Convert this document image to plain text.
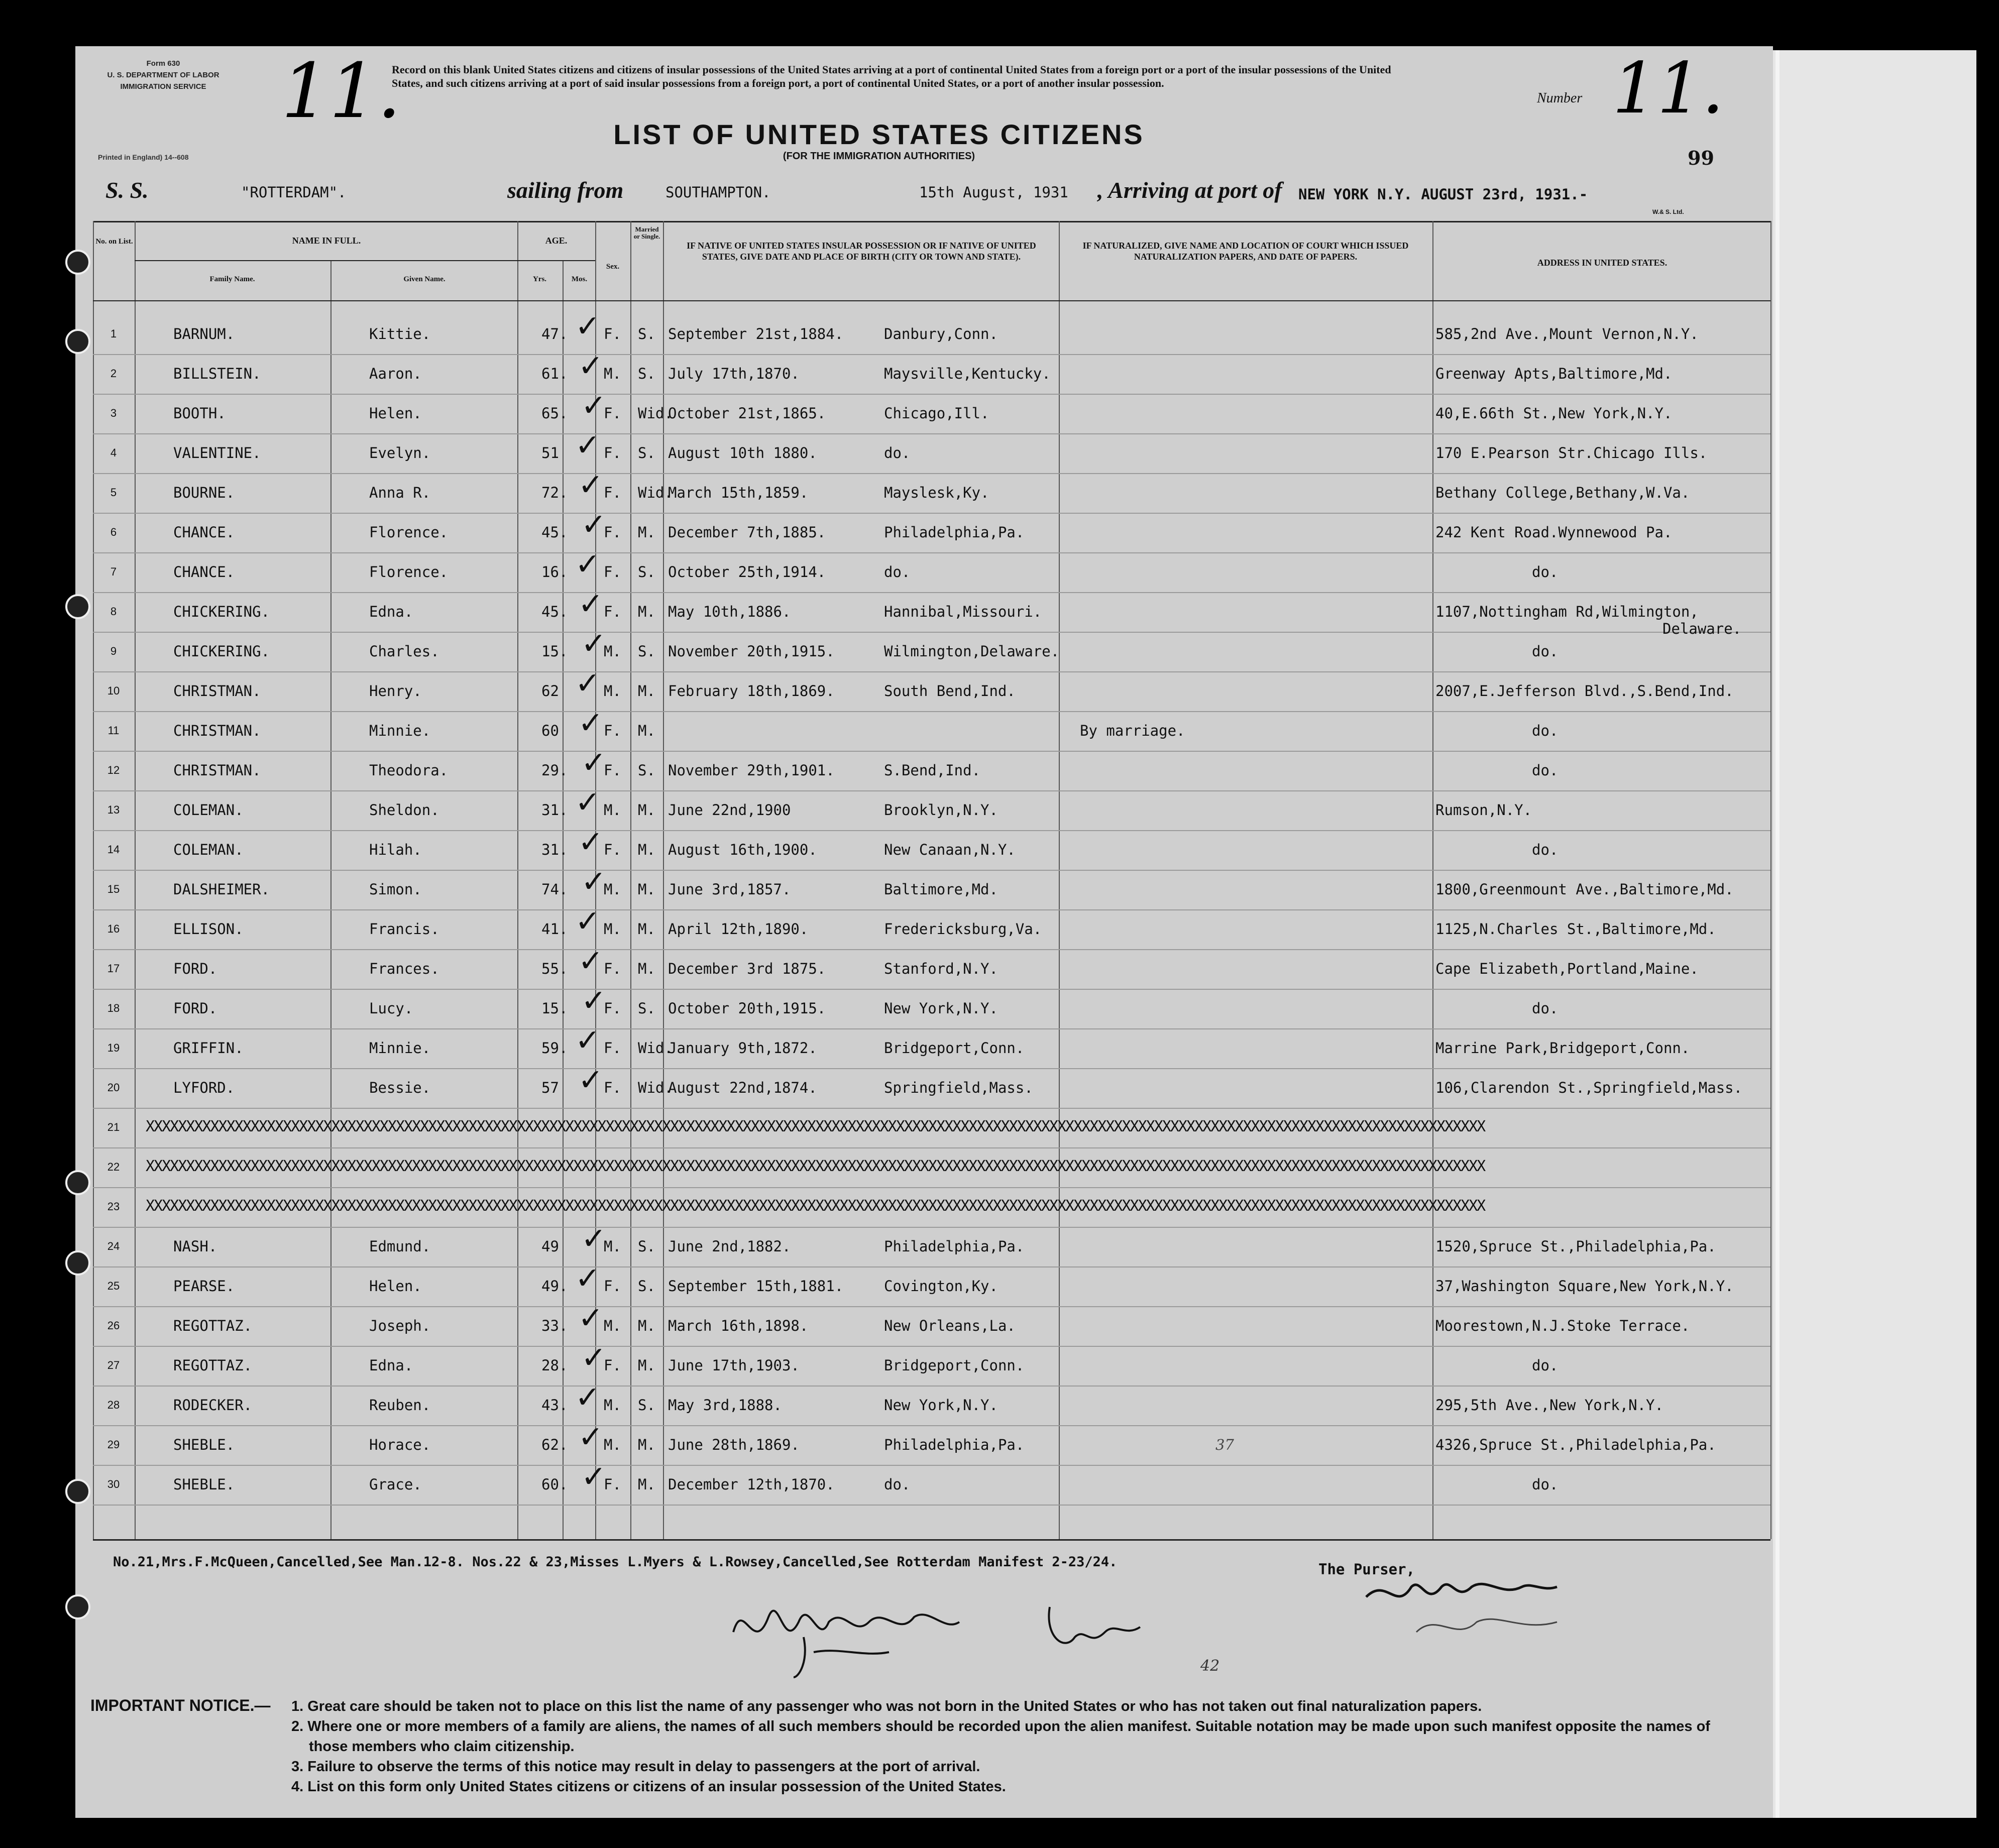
Form 630
U. S. DEPARTMENT OF LABOR
IMMIGRATION SERVICE
Printed in England) 14--608
11.
Record on this blank United States citizens and citizens of insular possessions of the United States arriving at a port of continental United States from a foreign port or a port of the insular possessions of the United States, and such citizens arriving at a port of said insular possessions from a foreign port, a port of continental United States, or a port of another insular possession.
LIST OF UNITED STATES CITIZENS
(FOR THE IMMIGRATION AUTHORITIES)
Number 11.
99
S. S.	"ROTTERDAM".	sailing from	SOUTHAMPTON.	15th August, 1931 , Arriving at port of NEW YORK N.Y. AUGUST 23rd, 1931.-
W.& S. Ltd.
No. on List.	NAME IN FULL.
Family Name.	Given Name.
AGE.
Yrs.	Mos.
Sex.
Married or Single.
IF NATIVE OF UNITED STATES INSULAR POSSESSION OR IF NATIVE OF UNITED STATES, GIVE DATE AND PLACE OF BIRTH (CITY OR TOWN AND STATE).
IF NATURALIZED, GIVE NAME AND LOCATION OF COURT WHICH ISSUED NATURALIZATION PAPERS, AND DATE OF PAPERS.
ADDRESS IN UNITED STATES.
1	BARNUM.	Kittie.	47. F. S. September 21st,1884.	Danbury,Conn.	585,2nd Ave.,Mount Vernon,N.Y.
✓
2	BILLSTEIN.	Aaron.	61. M. S. July 17th,1870.	Maysville,Kentucky.	Greenway Apts,Baltimore,Md.
✓
3	BOOTH.	Helen.	65. F. Wid.
October 21st,1865.	Chicago,Ill.	40,E.66th St.,New York,N.Y.
✓
4	VALENTINE.	Evelyn.	51	F. S. August 10th 1880.	do.	170 E.Pearson Str.Chicago Ills.
✓
5	BOURNE.	Anna R.	72. F. Wid.
March 15th,1859.	Mayslesk,Ky.	Bethany College,Bethany,W.Va.
✓
6	CHANCE.	Florence.	45. F. M. December 7th,1885.	Philadelphia,Pa.	242 Kent Road.Wynnewood Pa.
✓
7	CHANCE.	Florence.	16. F. S. October 25th,1914.	do.	do.
✓
8	CHICKERING.	Edna.	45. F. M. May 10th,1886.	Hannibal,Missouri.	1107,Nottingham Rd,Wilmington,
Delaware.
✓
9	CHICKERING.	Charles.	15. M. S. November 20th,1915.	Wilmington,Delaware.	do.
✓
10	CHRISTMAN.	Henry.	62	M. M. February 18th,1869.	South Bend,Ind.	2007,E.Jefferson Blvd.,S.Bend,Ind.
✓
11	CHRISTMAN.	Minnie.	60	F. M.	By marriage.	do.
✓
12	CHRISTMAN.	Theodora.	29. F. S. November 29th,1901.	S.Bend,Ind.	do.
✓
13	COLEMAN.	Sheldon.	31. M. M. June 22nd,1900	Brooklyn,N.Y.	Rumson,N.Y.
✓
14	COLEMAN.	Hilah.	31. F. M. August 16th,1900.	New Canaan,N.Y.	do.
✓
15	DALSHEIMER.	Simon.	74. M. M. June 3rd,1857.	Baltimore,Md.	1800,Greenmount Ave.,Baltimore,Md.
✓
16	ELLISON.	Francis.	41. M. M. April 12th,1890.	Fredericksburg,Va.	1125,N.Charles St.,Baltimore,Md.
✓
17	FORD.	Frances.	55. F. M. December 3rd 1875.	Stanford,N.Y.	Cape Elizabeth,Portland,Maine.
✓
18	FORD.	Lucy.	15. F. S. October 20th,1915.	New York,N.Y.	do.
✓
19	GRIFFIN.	Minnie.	59. F. Wid.
January 9th,1872.	Bridgeport,Conn.	Marrine Park,Bridgeport,Conn.
✓
20	LYFORD.	Bessie.	57	F. Wid.
August 22nd,1874.	Springfield,Mass.	106,Clarendon St.,Springfield,Mass.
✓
21	XXXXXXXXXXXXXXXXXXXXXXXXXXXXXXXXXXXXXXXXXXXXXXXXXXXXXXXXXXXXXXXXXXXXXXXXXXXXXXXXXXXXXXXXXXXXXXXXXXXXXXXXXXXXXXXXXXXXXXXXXXXXXXXXXXXXXXXXXXXXXXXXXXXXXXXXXXXXXXXXXXXXXX
22	XXXXXXXXXXXXXXXXXXXXXXXXXXXXXXXXXXXXXXXXXXXXXXXXXXXXXXXXXXXXXXXXXXXXXXXXXXXXXXXXXXXXXXXXXXXXXXXXXXXXXXXXXXXXXXXXXXXXXXXXXXXXXXXXXXXXXXXXXXXXXXXXXXXXXXXXXXXXXXXXXXXXXX
23	XXXXXXXXXXXXXXXXXXXXXXXXXXXXXXXXXXXXXXXXXXXXXXXXXXXXXXXXXXXXXXXXXXXXXXXXXXXXXXXXXXXXXXXXXXXXXXXXXXXXXXXXXXXXXXXXXXXXXXXXXXXXXXXXXXXXXXXXXXXXXXXXXXXXXXXXXXXXXXXXXXXXXX
24	NASH.	Edmund.	49	M. S. June 2nd,1882.	Philadelphia,Pa.	1520,Spruce St.,Philadelphia,Pa.
✓
25	PEARSE.	Helen.	49. F. S. September 15th,1881.	Covington,Ky.	37,Washington Square,New York,N.Y.
✓
26	REGOTTAZ.	Joseph.	33. M. M. March 16th,1898.	New Orleans,La.	Moorestown,N.J.Stoke Terrace.
✓
27	REGOTTAZ.	Edna.	28. F. M. June 17th,1903.	Bridgeport,Conn.	do.
✓
28	RODECKER.	Reuben.	43. M. S. May 3rd,1888.	New York,N.Y.	295,5th Ave.,New York,N.Y.
✓
29	SHEBLE.	Horace.	62. M. M. June 28th,1869.	Philadelphia,Pa.	37	4326,Spruce St.,Philadelphia,Pa.
✓
30	SHEBLE.	Grace.	60. F. M. December 12th,1870.	do.	do.
✓
No.21,Mrs.F.McQueen,Cancelled,See Man.12-8. Nos.22 & 23,Misses L.Myers & L.Rowsey,Cancelled,See Rotterdam Manifest 2-23/24.	The Purser,
42
IMPORTANT NOTICE.— 1. Great care should be taken not to place on this list the name of any passenger who was not born in the United States or who has not taken out final naturalization papers.
2. Where one or more members of a family are aliens, the names of all such members should be recorded upon the alien manifest. Suitable notation may be made upon such manifest opposite the names of those members who claim citizenship.
3. Failure to observe the terms of this notice may result in delay to passengers at the port of arrival.
4. List on this form only United States citizens or citizens of an insular possession of the United States.
